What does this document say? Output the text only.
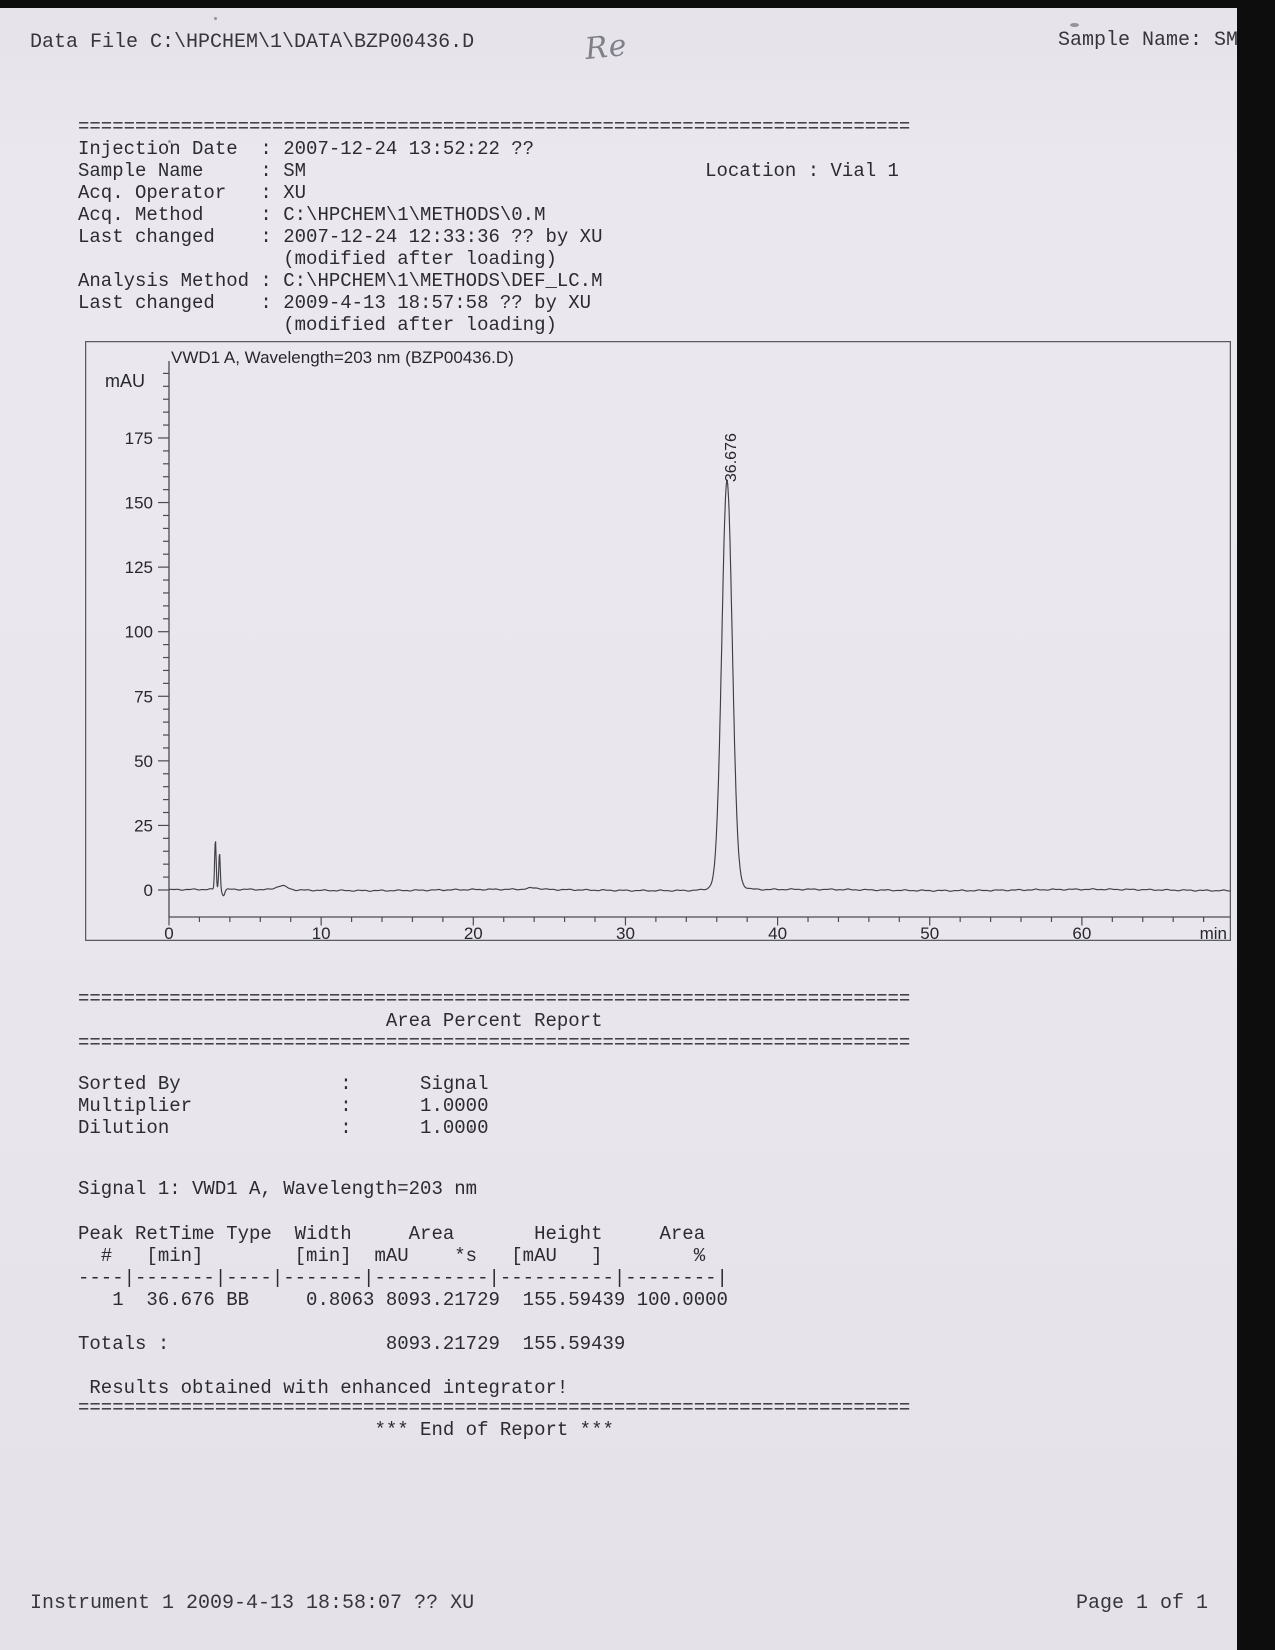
Data File C:\HPCHEM\1\DATA\BZP00436.D	Re	Sample Name: SM
=========================================================================
Injection Date  : 2007-12-24 13:52:22 ??
Sample Name     : SM                                   Location : Vial 1
Acq. Operator   : XU
Acq. Method     : C:\HPCHEM\1\METHODS\0.M
Last changed    : 2007-12-24 12:33:36 ?? by XU
(modified after loading)
Analysis Method : C:\HPCHEM\1\METHODS\DEF_LC.M
Last changed    : 2009-4-13 18:57:58 ?? by XU
(modified after loading)
VWD1 A, Wavelength=203 nm (BZP00436.D)
mAU
min
0
25
50
75
100
125
150
175
0	10	20	30	40	50	60
36.676
=========================================================================
Area Percent Report
=========================================================================
Sorted By              :      Signal
Multiplier             :      1.0000
Dilution               :      1.0000
Signal 1: VWD1 A, Wavelength=203 nm
Peak RetTime Type  Width     Area       Height     Area
#   [min]        [min]  mAU    *s   [mAU   ]        %
----|-------|----|-------|----------|----------|--------|
1  36.676 BB     0.8063 8093.21729  155.59439 100.0000
Totals :                   8093.21729  155.59439
Results obtained with enhanced integrator!
=========================================================================
*** End of Report ***
Instrument 1 2009-4-13 18:58:07 ?? XU	Page 1 of 1
